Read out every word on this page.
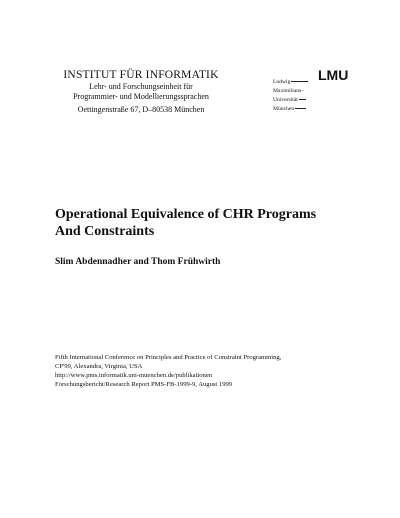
INSTITUT FÜR INFORMATIK
Lehr- und Forschungseinheit für
Programmier- und Modellierungssprachen
Oettingenstraße 67, D–80538 München
LMU
Ludwig
Maximilians–
Universität
München
Operational Equivalence of CHR Programs
And Constraints
Slim Abdennadher and Thom Frühwirth
Fifth International Conference on Principles and Practice of Constraint Programming,
CP'99, Alexandra, Virginia, USA
http://www.pms.informatik.uni-muenchen.de/publikationen
Forschungsbericht/Research Report PMS-FB-1999-9, August 1999
